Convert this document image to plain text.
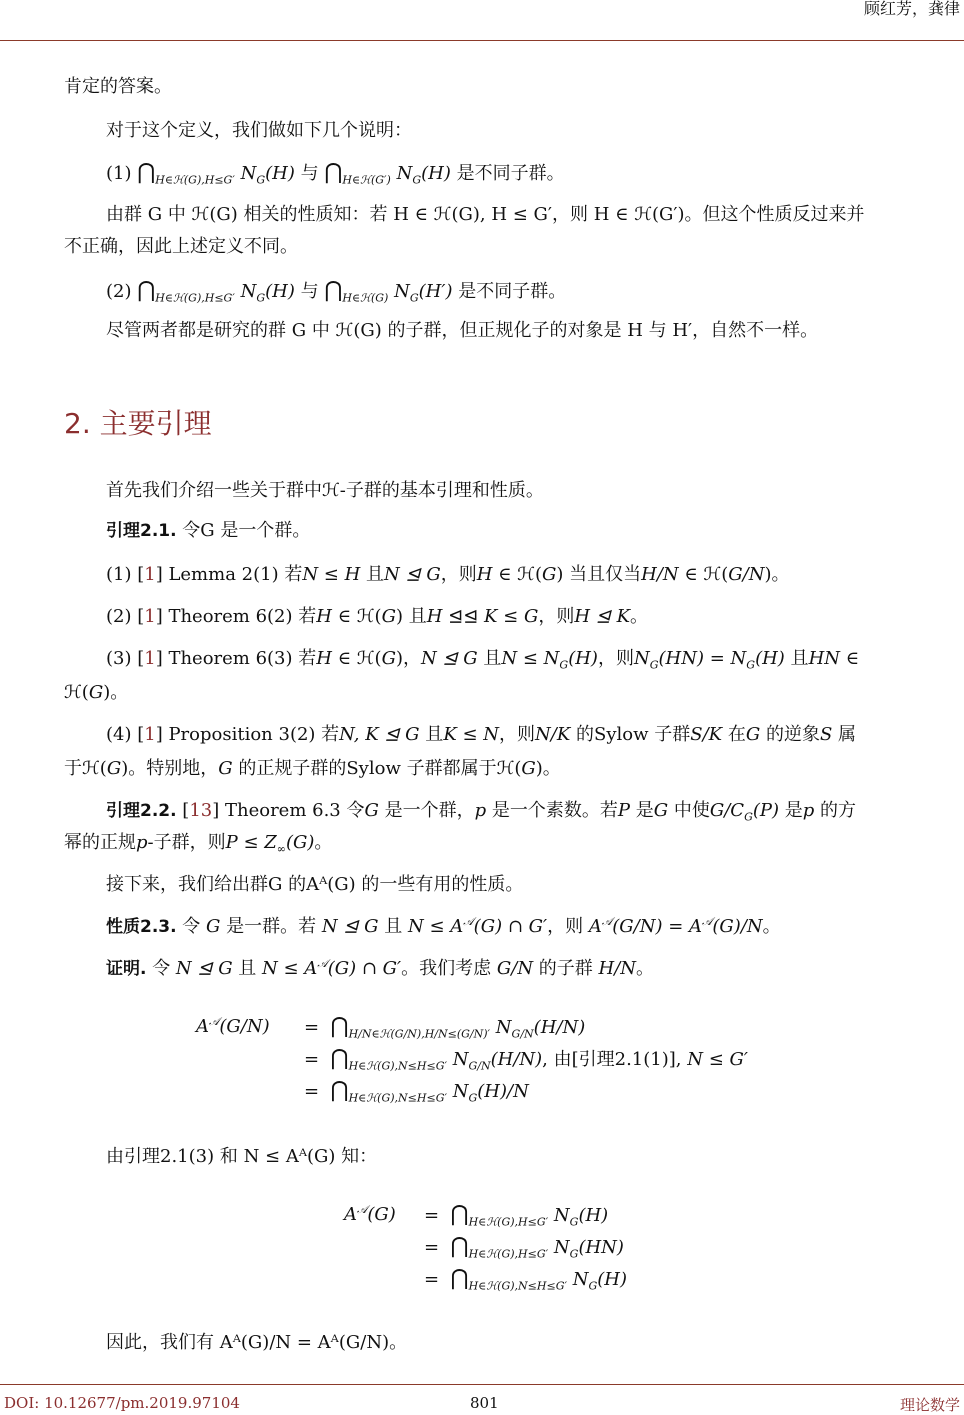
顾红芳，龚律
肯定的答案。
对于这个定义，我们做如下几个说明：
(1) $⋂_{H\in ℋ(G),H\le G'}$ $N_G(H)$ 与 $⋂_{H\in ℋ(G')}$ $N_G(H)$ 是不同子群。
由群 G 中 ℋ(G) 相关的性质知：若 H ∈ ℋ(G), H ≤ G′，则 H ∈ ℋ(G′)。但这个性质反过来并
不正确，因此上述定义不同。
(2) $⋂_{H\in ℋ(G),H\le G'}$ $N_G(H)$ 与 $⋂_{H\in ℋ(G)}$ $N_G(H')$ 是不同子群。
尽管两者都是研究的群 G 中 ℋ(G) 的子群，但正规化子的对象是 H 与 H′，自然不一样。
2. 主要引理
首先我们介绍一些关于群中ℋ-子群的基本引理和性质。
引理2.1. 令G 是一个群。
(1) [1] Lemma 2(1) 若N ≤ H 且N ⊴ G，则H ∈ ℋ(G) 当且仅当H/N ∈ ℋ(G/N)。
(2) [1] Theorem 6(2) 若H ∈ ℋ(G) 且H ⊴⊴ K ≤ G，则H ⊴ K。
(3) [1] Theorem 6(3) 若H ∈ ℋ(G)，N ⊴ G 且$N \le N_G(H)$，则$N_G(HN) = N_G(H)$ 且HN ∈
ℋ(G)。
(4) [1] Proposition 3(2) 若N, K ⊴ G 且K ≤ N，则N/K 的Sylow 子群S/K 在G 的逆象S 属
于ℋ(G)。特别地，G 的正规子群的Sylow 子群都属于ℋ(G)。
引理2.2. [13] Theorem 6.3 令G 是一个群，p 是一个素数。若P 是G 中使$G/C_G(P)$ 是p 的方
幂的正规p-子群，则$P \le Z_\infty(G)$。
接下来，我们给出群G 的Aᴬ(G) 的一些有用的性质。
性质2.3. 令 G 是一群。若 N ⊴ G 且 $N \le A^𝒜(G)$ ∩ G′，则 $A^𝒜(G/N) = A^𝒜(G)/N$。
证明. 令 N ⊴ G 且 $N \le A^𝒜(G)$ ∩ G′。我们考虑 G/N 的子群 H/N。
$A^𝒜(G/N)$ =  $⋂_{H/N\in ℋ(G/N),H/N\le(G/N)'}$ $N_{G/N}(H/N)$
=  $⋂_{H\in ℋ(G),N\le H\le G'}$ $N_{G/N}(H/N)$, 由[引理2.1(1)], N ≤ G′
=  $⋂_{H\in ℋ(G),N\le H\le G'}$ $N_G(H)/N$
由引理2.1(3) 和 N ≤ Aᴬ(G) 知：
$A^𝒜(G)$ =  $⋂_{H\in ℋ(G),H\le G'}$ $N_G(H)$
=  $⋂_{H\in ℋ(G),H\le G'}$ $N_G(HN)$
=  $⋂_{H\in ℋ(G),N\le H\le G'}$ $N_G(H)$
因此，我们有 Aᴬ(G)/N = Aᴬ(G/N)。
DOI: 10.12677/pm.2019.97104	801	理论数学
